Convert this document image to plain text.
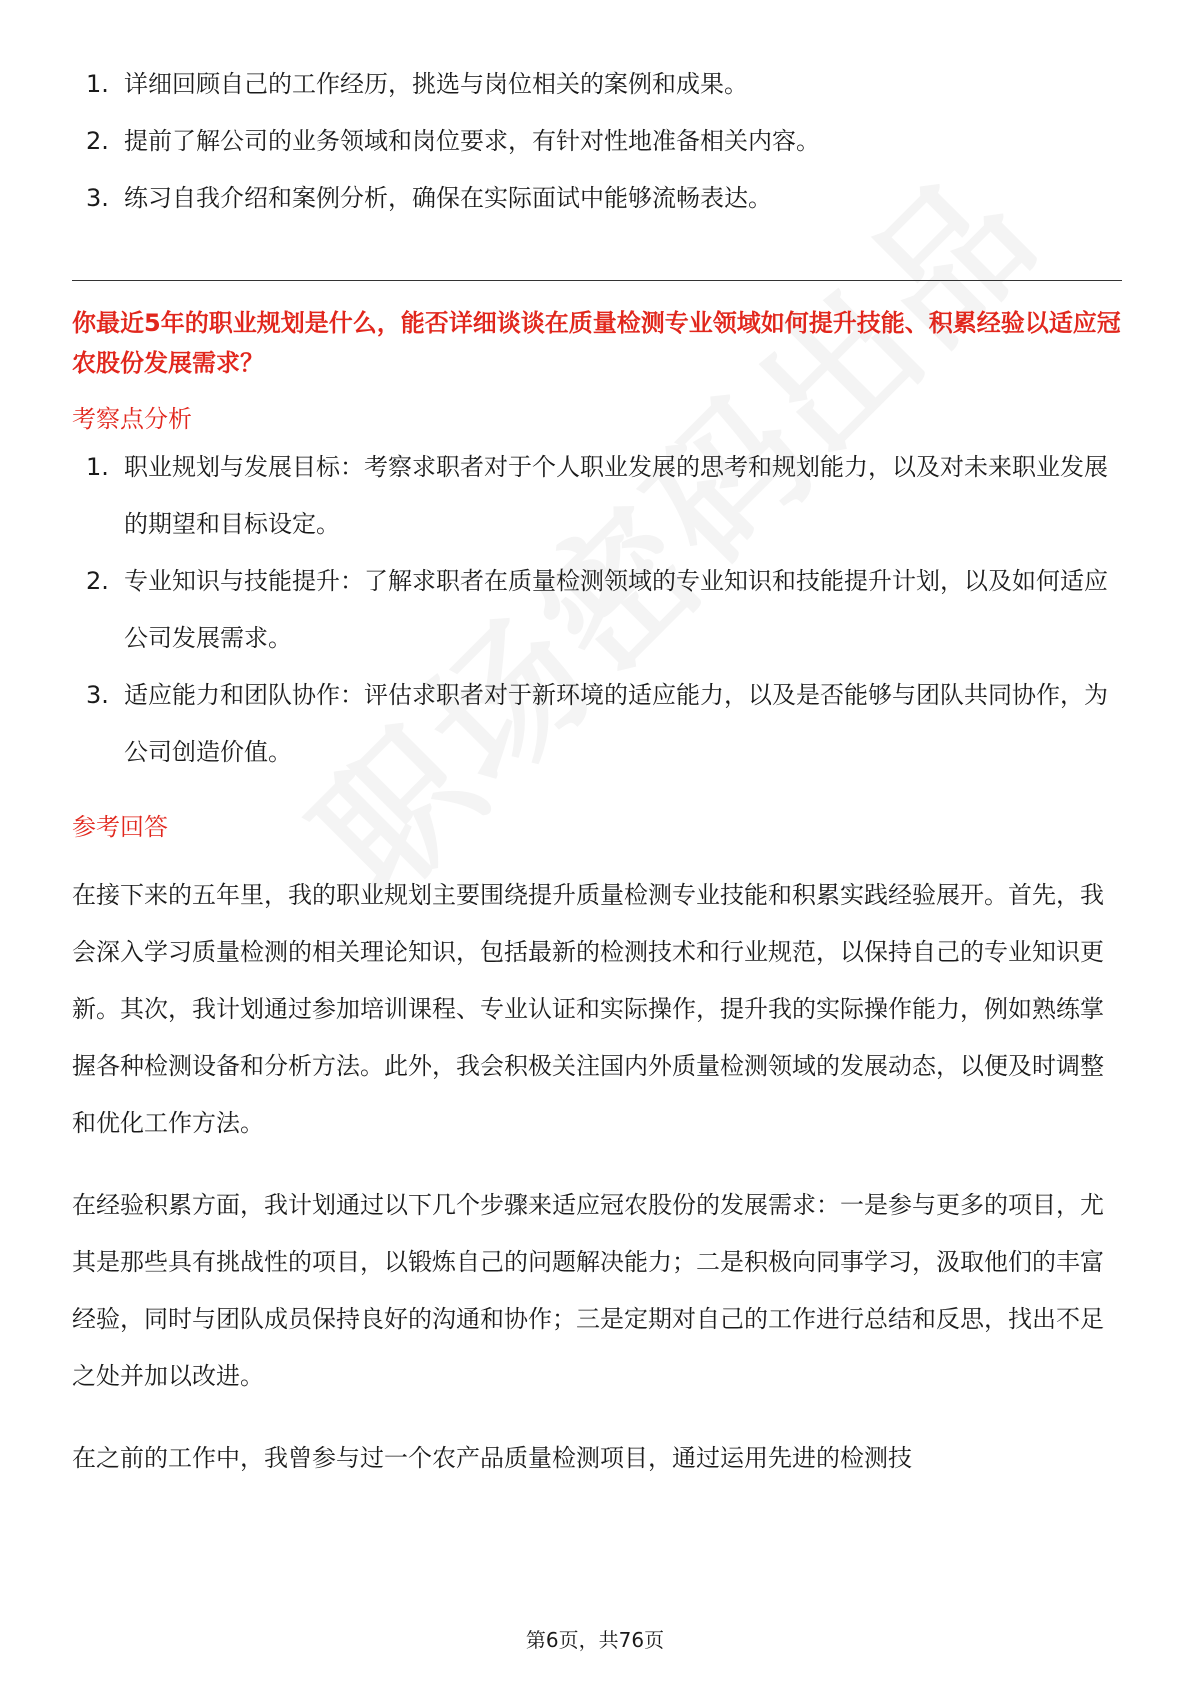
1. 详细回顾自己的工作经历，挑选与岗位相关的案例和成果。
2. 提前了解公司的业务领域和岗位要求，有针对性地准备相关内容。
3. 练习自我介绍和案例分析，确保在实际面试中能够流畅表达。
你最近5年的职业规划是什么，能否详细谈谈在质量检测专业领域如何提升技能、积累经验以适应冠农股份发展需求？
考察点分析
1. 职业规划与发展目标：考察求职者对于个人职业发展的思考和规划能力，以及对未来职业发展的期望和目标设定。
2. 专业知识与技能提升：了解求职者在质量检测领域的专业知识和技能提升计划，以及如何适应公司发展需求。
3. 适应能力和团队协作：评估求职者对于新环境的适应能力，以及是否能够与团队共同协作，为公司创造价值。
参考回答

在接下来的五年里，我的职业规划主要围绕提升质量检测专业技能和积累实践经验展开。首先，我会深入学习质量检测的相关理论知识，包括最新的检测技术和行业规范，以保持自己的专业知识更新。其次，我计划通过参加培训课程、专业认证和实际操作，提升我的实际操作能力，例如熟练掌握各种检测设备和分析方法。此外，我会积极关注国内外质量检测领域的发展动态，以便及时调整和优化工作方法。

在经验积累方面，我计划通过以下几个步骤来适应冠农股份的发展需求：一是参与更多的项目，尤其是那些具有挑战性的项目，以锻炼自己的问题解决能力；二是积极向同事学习，汲取他们的丰富经验，同时与团队成员保持良好的沟通和协作；三是定期对自己的工作进行总结和反思，找出不足之处并加以改进。

在之前的工作中，我曾参与过一个农产品质量检测项目，通过运用先进的检测技

第6页，共76页
